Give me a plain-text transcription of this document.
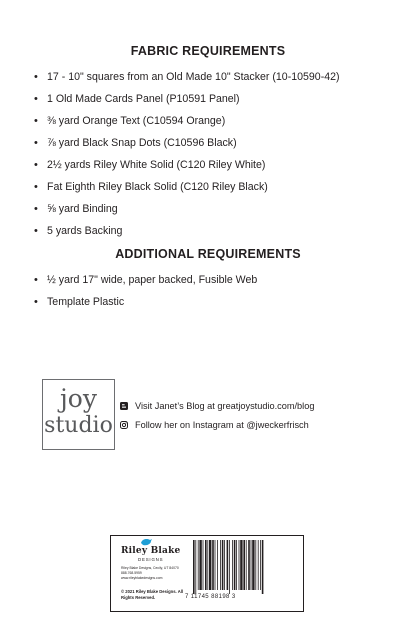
FABRIC REQUIREMENTS
• 17 - 10" squares from an Old Made 10" Stacker (10-10590-42)
• 1 Old Made Cards Panel (P10591 Panel)
• ⅜ yard Orange Text (C10594 Orange)
• ⅞ yard Black Snap Dots (C10596 Black)
• 2½ yards Riley White Solid (C120 Riley White)
• Fat Eighth Riley Black Solid (C120 Riley Black)
• ⅝ yard Binding
• 5 yards Backing
ADDITIONAL REQUIREMENTS
• ½ yard 17" wide, paper backed, Fusible Web
• Template Plastic
joy
studio
Visit Janet’s Blog at greatjoystudio.com/blog
Follow her on Instagram at @jweckerfrisch
Riley Blake
DESIGNS
Riley Blake Designs, Cecily, UT 84070
888.768.5959
www.rileyblakedesigns.com
© 2021 Riley Blake Designs. All
Rights Reserved.	7 11745 88198 3
